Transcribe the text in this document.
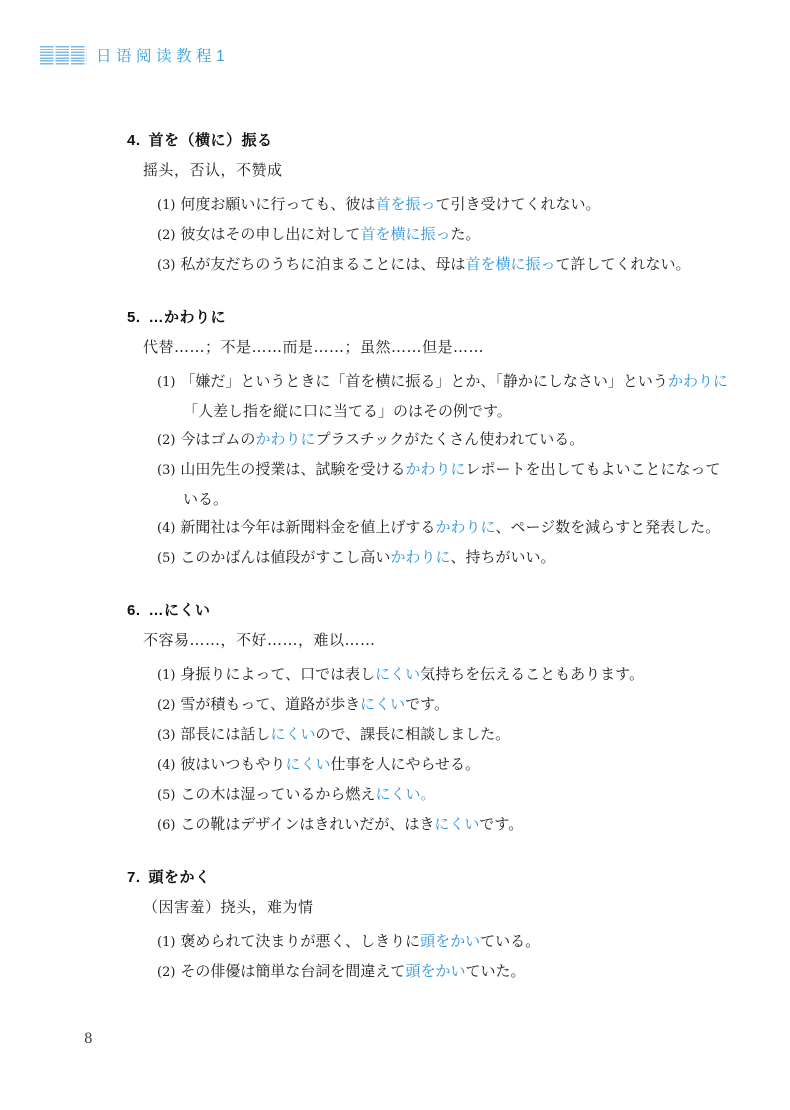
日语阅读教程1
4. 首を（横に）振る

摇头，否认，不赞成

(1) 何度お願いに行っても、彼は首を振って引き受けてくれない。

(2) 彼女はその申し出に対して首を横に振った。

(3) 私が友だちのうちに泊まることには、母は首を横に振って許してくれない。

5. …かわりに

代替……；不是……而是……；虽然……但是……

(1) 「嫌だ」というときに「首を横に振る」とか、「静かにしなさい」というかわりに「人差し指を縦に口に当てる」のはその例です。

(2) 今はゴムのかわりにプラスチックがたくさん使われている。

(3) 山田先生の授業は、試験を受けるかわりにレポートを出してもよいことになっている。

(4) 新聞社は今年は新聞料金を値上げするかわりに、ページ数を減らすと発表した。

(5) このかばんは値段がすこし高いかわりに、持ちがいい。

6. …にくい

不容易……，不好……，难以……

(1) 身振りによって、口では表しにくい気持ちを伝えることもあります。

(2) 雪が積もって、道路が歩きにくいです。

(3) 部長には話しにくいので、課長に相談しました。

(4) 彼はいつもやりにくい仕事を人にやらせる。

(5) この木は湿っているから燃えにくい。

(6) この靴はデザインはきれいだが、はきにくいです。

7. 頭をかく

（因害羞）挠头，难为情

(1) 褒められて決まりが悪く、しきりに頭をかいている。

(2) その俳優は簡単な台詞を間違えて頭をかいていた。

8
